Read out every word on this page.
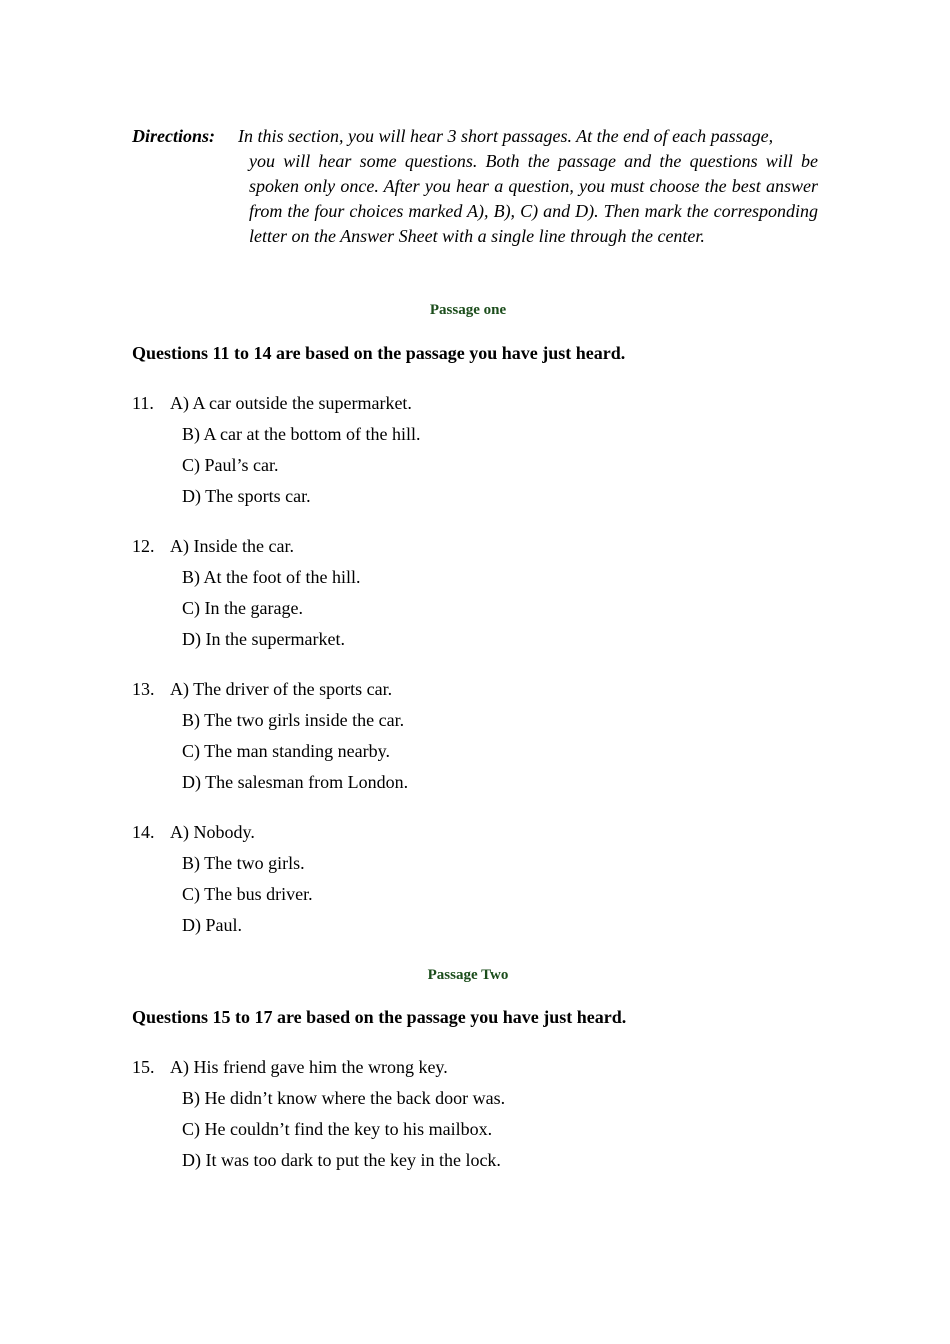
Directions: In this section, you will hear 3 short passages. At the end of each passage,
you will hear some questions. Both the passage and the questions will be spoken only once. After you hear a question, you must choose the best answer from the four choices marked A), B), C) and D). Then mark the corresponding letter on the Answer Sheet with a single line through the center.
Passage one
Questions 11 to 14 are based on the passage you have just heard.
11. A) A car outside the supermarket.
B) A car at the bottom of the hill.
C) Paul’s car.
D) The sports car.
12. A) Inside the car.
B) At the foot of the hill.
C) In the garage.
D) In the supermarket.
13. A) The driver of the sports car.
B) The two girls inside the car.
C) The man standing nearby.
D) The salesman from London.
14. A) Nobody.
B) The two girls.
C) The bus driver.
D) Paul.
Passage Two
Questions 15 to 17 are based on the passage you have just heard.
15. A) His friend gave him the wrong key.
B) He didn’t know where the back door was.
C) He couldn’t find the key to his mailbox.
D) It was too dark to put the key in the lock.
